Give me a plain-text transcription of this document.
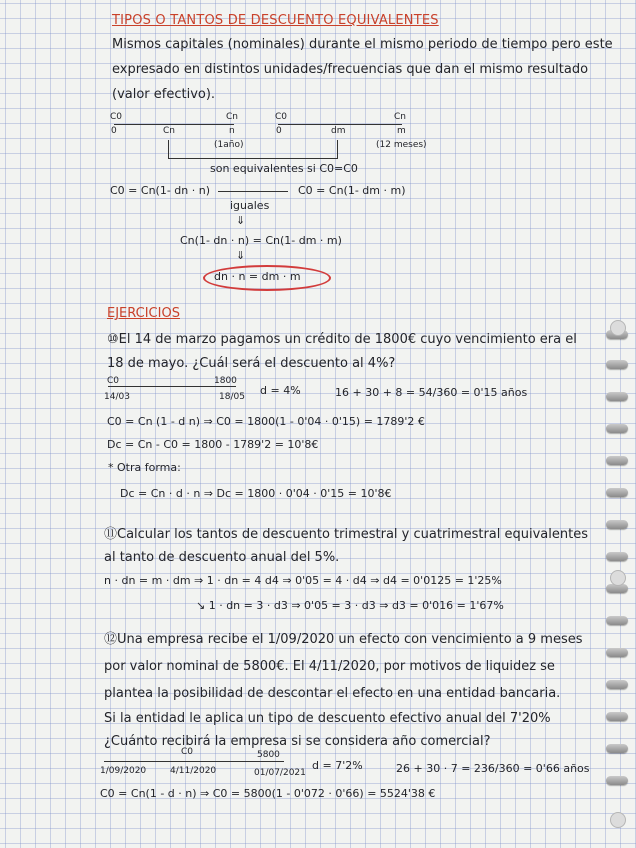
TIPOS O TANTOS DE DESCUENTO EQUIVALENTES
Mismos capitales (nominales) durante el mismo periodo de tiempo pero este
expresado en distintos unidades/frecuencias que dan el mismo resultado
(valor efectivo).
C0
0
Cn
Cn	n
(1año)
C0
0
Cn
dm	m
(12 meses)
son equivalentes si C0=C0
C0 = Cn(1- dn · n)	C0 = Cn(1- dm · m)
iguales
⇓
Cn(1- dn · n) = Cn(1- dm · m)
⇓
dn · n = dm · m
EJERCICIOS
⑩El 14 de marzo pagamos un crédito de 1800€ cuyo vencimiento era el
18 de mayo. ¿Cuál será el descuento al 4%?
C0	1800
14/03	18/05 d = 4%	16 + 30 + 8 = 54/360 = 0'15 años
C0 = Cn (1 - d n) ⇒ C0 = 1800(1 - 0'04 · 0'15) = 1789'2 €
Dc = Cn - C0 = 1800 - 1789'2 = 10'8€
* Otra forma:
Dc = Cn · d · n ⇒ Dc = 1800 · 0'04 · 0'15 = 10'8€
⑪Calcular los tantos de descuento trimestral y cuatrimestral equivalentes
al tanto de descuento anual del 5%.
n · dn = m · dm ⇒ 1 · dn = 4 d4 ⇒ 0'05 = 4 · d4 ⇒ d4 = 0'0125 = 1'25%
↘ 1 · dn = 3 · d3 ⇒ 0'05 = 3 · d3 ⇒ d3 = 0'016 = 1'67%
⑫Una empresa recibe el 1/09/2020 un efecto con vencimiento a 9 meses
por valor nominal de 5800€. El 4/11/2020, por motivos de liquidez se
plantea la posibilidad de descontar el efecto en una entidad bancaria.
Si la entidad le aplica un tipo de descuento efectivo anual del 7'20%
¿Cuánto recibirá la empresa si se considera año comercial?
C0	5800
1/09/2020	4/11/2020	01/07/2021
d = 7'2%	26 + 30 · 7 = 236/360 = 0'66 años
C0 = Cn(1 - d · n) ⇒ C0 = 5800(1 - 0'072 · 0'66) = 5524'38 €
